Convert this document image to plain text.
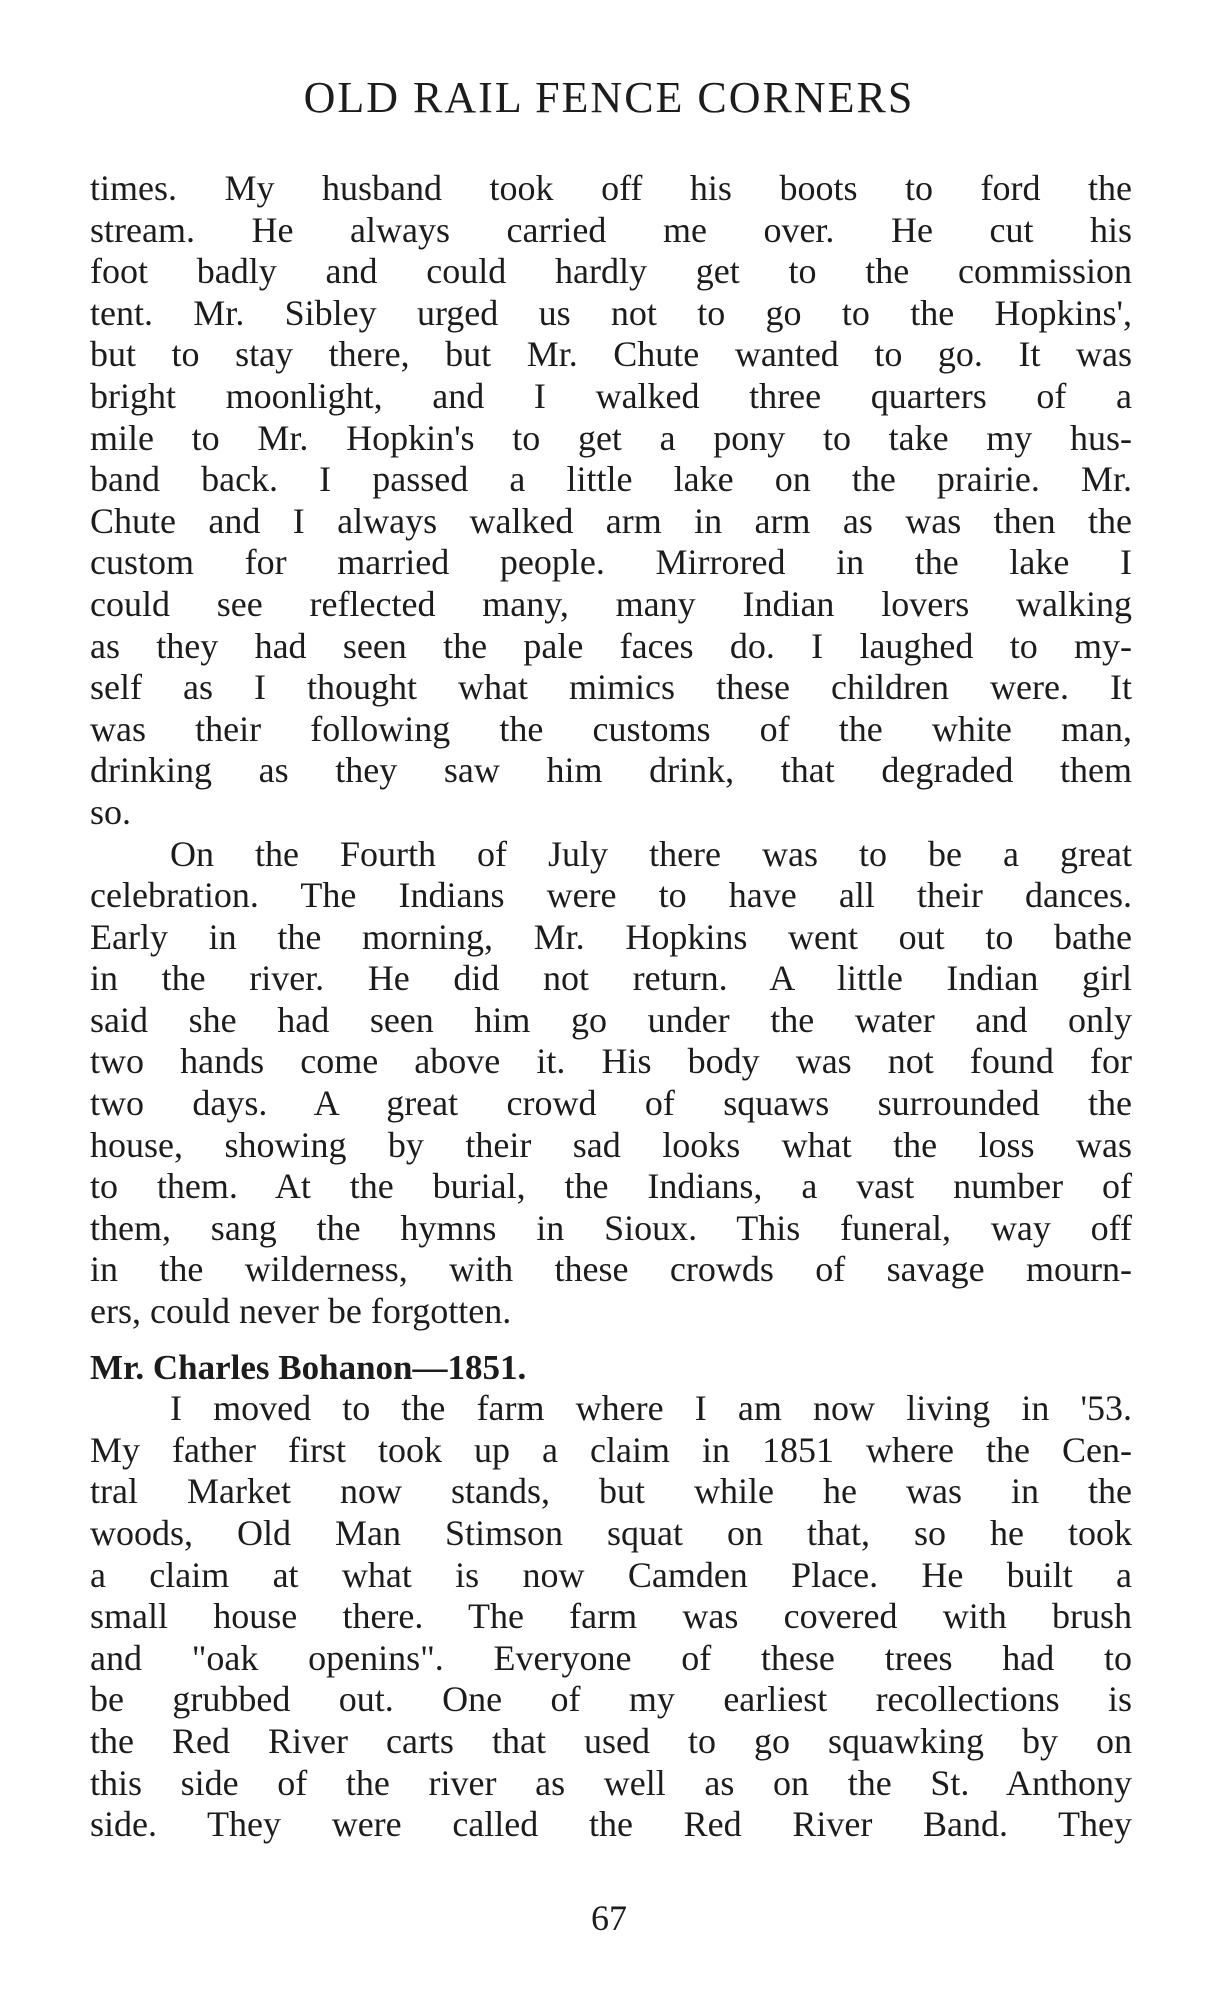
OLD RAIL FENCE CORNERS
times. My husband took off his boots to ford the
stream. He always carried me over. He cut his
foot badly and could hardly get to the commission
tent. Mr. Sibley urged us not to go to the Hopkins',
but to stay there, but Mr. Chute wanted to go. It was
bright moonlight, and I walked three quarters of a
mile to Mr. Hopkin's to get a pony to take my hus-
band back. I passed a little lake on the prairie. Mr.
Chute and I always walked arm in arm as was then the
custom for married people. Mirrored in the lake I
could see reflected many, many Indian lovers walking
as they had seen the pale faces do. I laughed to my-
self as I thought what mimics these children were. It
was their following the customs of the white man,
drinking as they saw him drink, that degraded them
so.
On the Fourth of July there was to be a great
celebration. The Indians were to have all their dances.
Early in the morning, Mr. Hopkins went out to bathe
in the river. He did not return. A little Indian girl
said she had seen him go under the water and only
two hands come above it. His body was not found for
two days. A great crowd of squaws surrounded the
house, showing by their sad looks what the loss was
to them. At the burial, the Indians, a vast number of
them, sang the hymns in Sioux. This funeral, way off
in the wilderness, with these crowds of savage mourn-
ers, could never be forgotten.
Mr. Charles Bohanon—1851.
I moved to the farm where I am now living in '53.
My father first took up a claim in 1851 where the Cen-
tral Market now stands, but while he was in the
woods, Old Man Stimson squat on that, so he took
a claim at what is now Camden Place. He built a
small house there. The farm was covered with brush
and "oak openins". Everyone of these trees had to
be grubbed out. One of my earliest recollections is
the Red River carts that used to go squawking by on
this side of the river as well as on the St. Anthony
side. They were called the Red River Band. They
67
